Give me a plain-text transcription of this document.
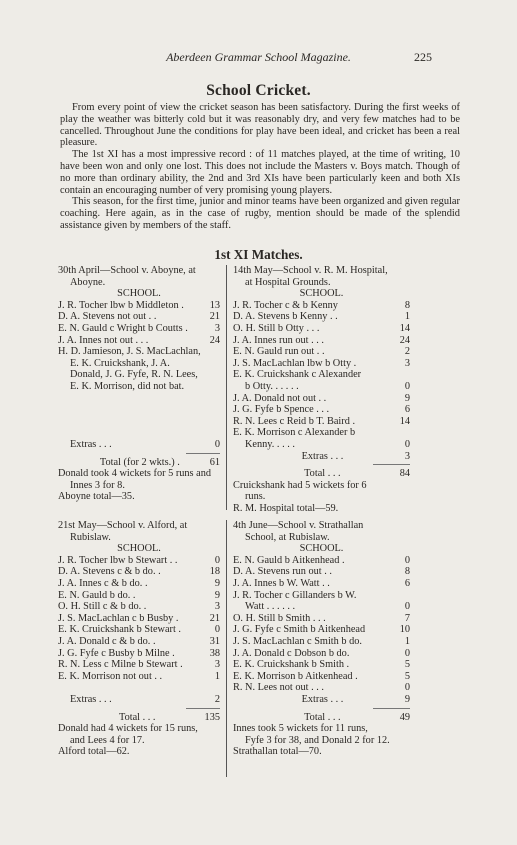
Aberdeen Grammar School Magazine.	225
School Cricket.

From every point of view the cricket season has been satisfactory. During the first weeks of play the weather was bitterly cold but it was reasonably dry, and very few matches had to be cancelled. Throughout June the conditions for play have been ideal, and cricket has been a real pleasure.

The 1st XI has a most impressive record : of 11 matches played, at the time of writing, 10 have been won and only one lost. This does not include the Masters v. Boys match. Though of no more than ordinary ability, the 2nd and 3rd XIs have been particularly keen and both XIs contain an encouraging number of very promising young players.

This season, for the first time, junior and minor teams have been organized and given regular coaching. Here again, as in the case of rugby, mention should be made of the splendid assistance given by members of the staff.

1st XI Matches.
30th April—School v. Aboyne, at
Aboyne.
SCHOOL.
J. R. Tocher lbw b Middleton .	13
D. A. Stevens not out . .	21
E. N. Gauld c Wright b Coutts .	3
J. A. Innes not out . . .	24
H. D. Jamieson, J. S. MacLachlan,
E. K. Cruickshank, J. A.
Donald, J. G. Fyfe, R. N. Lees,
E. K. Morrison, did not bat.
Extras . . .	0
Total (for 2 wkts.) .	61
Donald took 4 wickets for 5 runs and
Innes 3 for 8.
Aboyne total—35.
14th May—School v. R. M. Hospital,
at Hospital Grounds.
SCHOOL.
J. R. Tocher c & b Kenny	8
D. A. Stevens b Kenny . .	1
O. H. Still b Otty . . .	14
J. A. Innes run out . . .	24
E. N. Gauld run out . .	2
J. S. MacLachlan lbw b Otty .	3
E. K. Cruickshank c Alexander
b Otty. . . . . .	0
J. A. Donald not out . .	9
J. G. Fyfe b Spence . . .	6
R. N. Lees c Reid b T. Baird .	14
E. K. Morrison c Alexander b
Kenny. . . . .	0
Extras . . .	3
Total . . .	84
Cruickshank had 5 wickets for 6
runs.
R. M. Hospital total—59.
21st May—School v. Alford, at
Rubislaw.
SCHOOL.
J. R. Tocher lbw b Stewart . .	0
D. A. Stevens c & b do. .	18
J. A. Innes c & b do. .	9
E. N. Gauld b do. .	9
O. H. Still c & b do. .	3
J. S. MacLachlan c b Busby .	21
E. K. Cruickshank b Stewart .	0
J. A. Donald c & b do. .	31
J. G. Fyfe c Busby b Milne .	38
R. N. Less c Milne b Stewart .	3
E. K. Morrison not out . .	1
Extras . . .	2
Total . . .	135
Donald had 4 wickets for 15 runs,
and Lees 4 for 17.
Alford total—62.
4th June—School v. Strathallan
School, at Rubislaw.
SCHOOL.
E. N. Gauld b Aitkenhead .	0
D. A. Stevens run out . .	8
J. A. Innes b W. Watt . .	6
J. R. Tocher c Gillanders b W.
Watt . . . . . .	0
O. H. Still b Smith . . .	7
J. G. Fyfe c Smith b Aitkenhead	10
J. S. MacLachlan c Smith b do.	1
J. A. Donald c Dobson b do.	0
E. K. Cruickshank b Smith .	5
E. K. Morrison b Aitkenhead .	5
R. N. Lees not out . . .	0
Extras . . .	9
Total . . .	49
Innes took 5 wickets for 11 runs,
Fyfe 3 for 38, and Donald 2 for 12.
Strathallan total—70.
